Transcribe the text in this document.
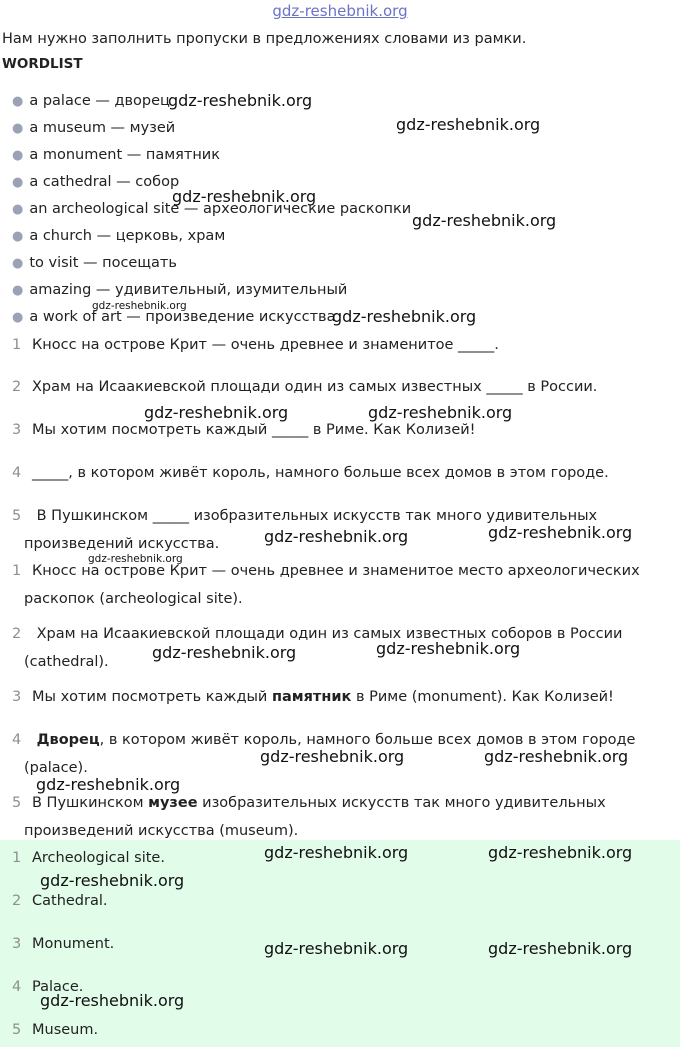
gdz-reshebnik.org
Нам нужно заполнить пропуски в предложениях словами из рамки.
WORDLIST
● a palace — дворец
● a museum — музей
● a monument — памятник
● a cathedral — собор
● an archeological site — археологические раскопки
● a church — церковь, храм
● to visit — посещать
● amazing — удивительный, изумительный
● a work of art — произведение искусства
1 Кносс на острове Крит — очень древнее и знаменитое _____.
2 Храм на Исаакиевской площади один из самых известных _____ в России.
3 Мы хотим посмотреть каждый _____ в Риме. Как Колизей!
4 _____, в котором живёт король, намного больше всех домов в этом городе.
5 В Пушкинском _____ изобразительных искусств так много удивительных
произведений искусства.
1 Кносс на острове Крит — очень древнее и знаменитое место археологических
раскопок (archeological site).
2 Храм на Исаакиевской площади один из самых известных соборов в России
(cathedral).
3 Мы хотим посмотреть каждый памятник в Риме (monument). Как Колизей!
4 Дворец, в котором живёт король, намного больше всех домов в этом городе
(palace).
5 В Пушкинском музее изобразительных искусств так много удивительных
произведений искусства (museum).
1 Archeological site.
2 Cathedral.
3 Monument.
4 Palace.
5 Museum.
gdz-reshebnik.org
gdz-reshebnik.org
gdz-reshebnik.org
gdz-reshebnik.org
gdz-reshebnik.org
gdz-reshebnik.org
gdz-reshebnik.org	gdz-reshebnik.org
gdz-reshebnik.org	gdz-reshebnik.org
gdz-reshebnik.org
gdz-reshebnik.org	gdz-reshebnik.org
gdz-reshebnik.org	gdz-reshebnik.org
gdz-reshebnik.org
gdz-reshebnik.org	gdz-reshebnik.org
gdz-reshebnik.org
gdz-reshebnik.org	gdz-reshebnik.org
gdz-reshebnik.org
